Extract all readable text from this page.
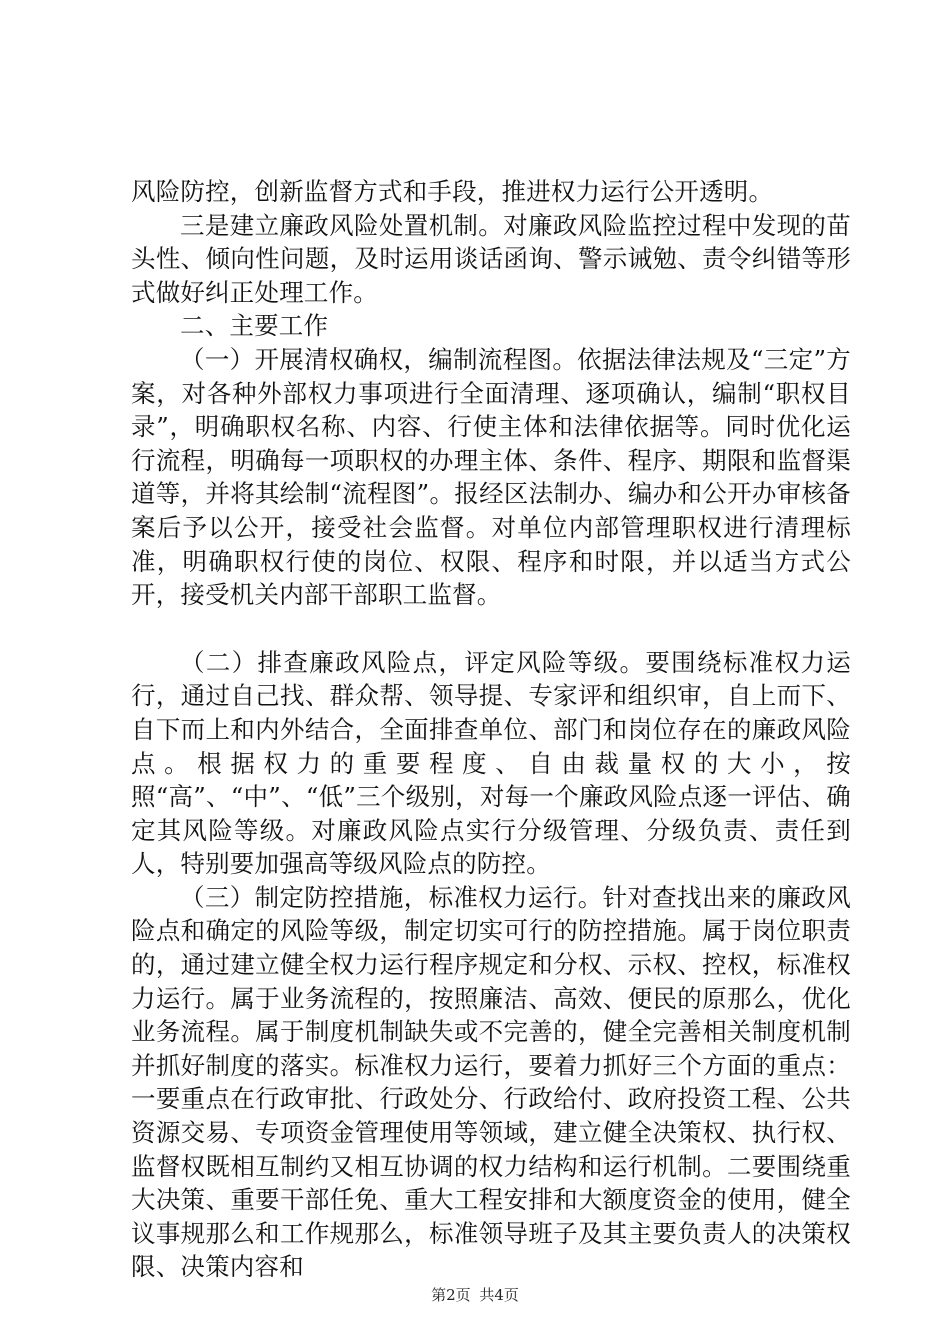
风险防控，创新监督方式和手段，推进权力运行公开透明。

三是建立廉政风险处置机制。对廉政风险监控过程中发现的苗头性、倾向性问题，及时运用谈话函询、警示诫勉、责令纠错等形式做好纠正处理工作。

二、主要工作

（一）开展清权确权，编制流程图。依据法律法规及“三定”方案，对各种外部权力事项进行全面清理、逐项确认，编制“职权目录”，明确职权名称、内容、行使主体和法律依据等。同时优化运行流程，明确每一项职权的办理主体、条件、程序、期限和监督渠道等，并将其绘制“流程图”。报经区法制办、编办和公开办审核备案后予以公开，接受社会监督。对单位内部管理职权进行清理标准，明确职权行使的岗位、权限、程序和时限，并以适当方式公开，接受机关内部干部职工监督。

（二）排查廉政风险点，评定风险等级。要围绕标准权力运行，通过自己找、群众帮、领导提、专家评和组织审，自上而下、自下而上和内外结合，全面排查单位、部门和岗位存在的廉政风险点。根据权力的重要程度、自由裁量权的大小，按照“高”、“中”、“低”三个级别，对每一个廉政风险点逐一评估、确定其风险等级。对廉政风险点实行分级管理、分级负责、责任到人，特别要加强高等级风险点的防控。

（三）制定防控措施，标准权力运行。针对查找出来的廉政风险点和确定的风险等级，制定切实可行的防控措施。属于岗位职责的，通过建立健全权力运行程序规定和分权、示权、控权，标准权力运行。属于业务流程的，按照廉洁、高效、便民的原那么，优化业务流程。属于制度机制缺失或不完善的，健全完善相关制度机制并抓好制度的落实。标准权力运行，要着力抓好三个方面的重点：一要重点在行政审批、行政处分、行政给付、政府投资工程、公共资源交易、专项资金管理使用等领域，建立健全决策权、执行权、监督权既相互制约又相互协调的权力结构和运行机制。二要围绕重大决策、重要干部任免、重大工程安排和大额度资金的使用，健全议事规那么和工作规那么，标准领导班子及其主要负责人的决策权限、决策内容和

第2页 共4页
